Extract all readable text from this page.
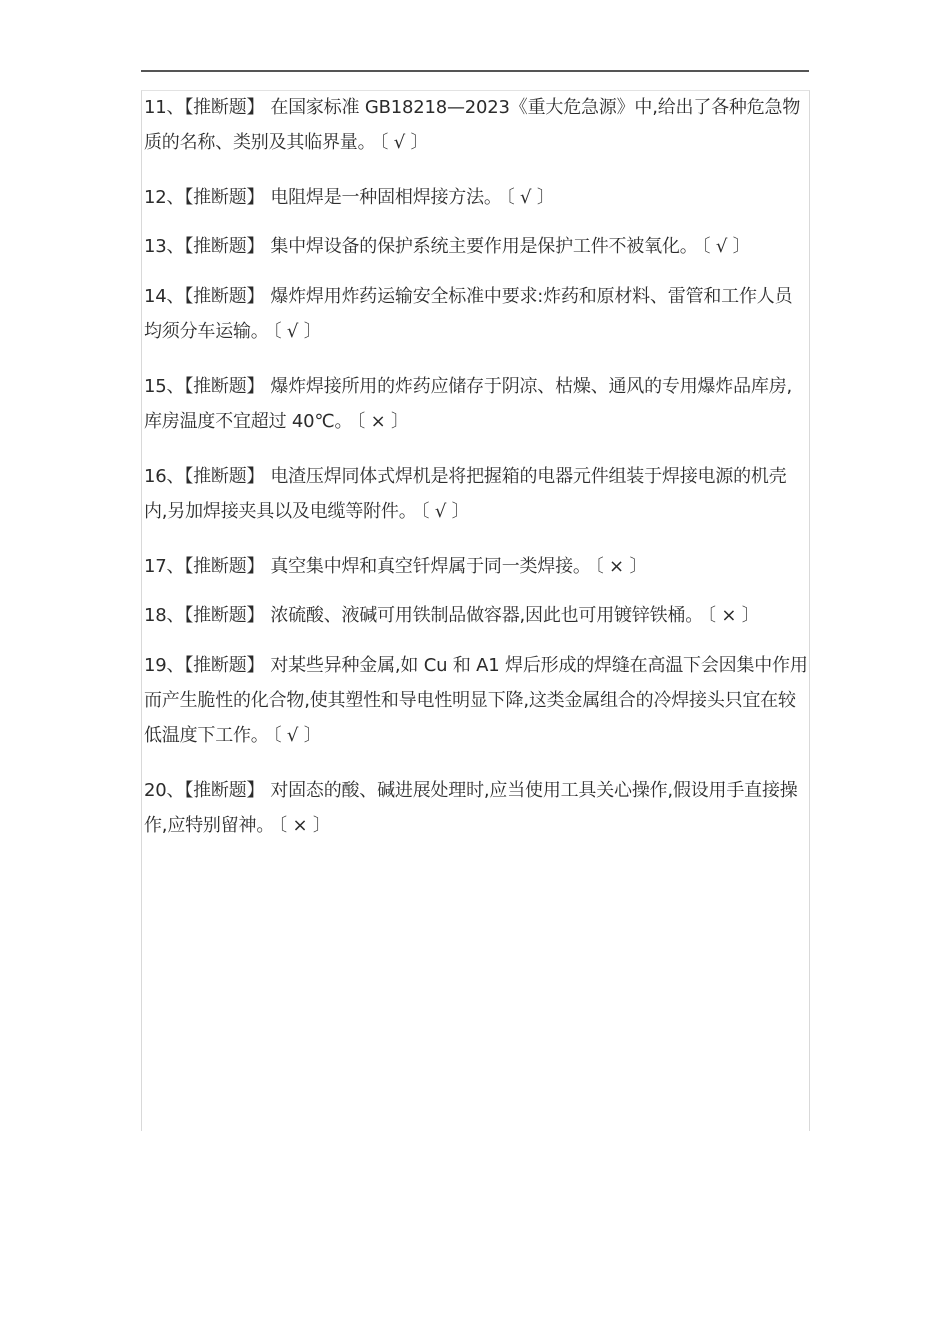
11、【推断题】 在国家标准 GB18218—2023《重大危急源》中,给出了各种危急物质的名称、类别及其临界量。 〔 √ 〕

12、【推断题】 电阻焊是一种固相焊接方法。 〔 √ 〕

13、【推断题】 集中焊设备的保护系统主要作用是保护工件不被氧化。 〔 √ 〕

14、【推断题】 爆炸焊用炸药运输安全标准中要求:炸药和原材料、雷管和工作人员均须分车运输。 〔 √ 〕

15、【推断题】 爆炸焊接所用的炸药应储存于阴凉、枯燥、通风的专用爆炸品库房,库房温度不宜超过 40℃。 〔 × 〕

16、【推断题】 电渣压焊同体式焊机是将把握箱的电器元件组装于焊接电源的机壳内,另加焊接夹具以及电缆等附件。 〔 √ 〕

17、【推断题】 真空集中焊和真空钎焊属于同一类焊接。 〔 × 〕

18、【推断题】 浓硫酸、液碱可用铁制品做容器,因此也可用镀锌铁桶。 〔 × 〕

19、【推断题】 对某些异种金属,如 Cu 和 A1 焊后形成的焊缝在高温下会因集中作用而产生脆性的化合物,使其塑性和导电性明显下降,这类金属组合的冷焊接头只宜在较低温度下工作。 〔 √ 〕

20、【推断题】 对固态的酸、碱进展处理时,应当使用工具关心操作,假设用手直接操作,应特别留神。 〔 × 〕
